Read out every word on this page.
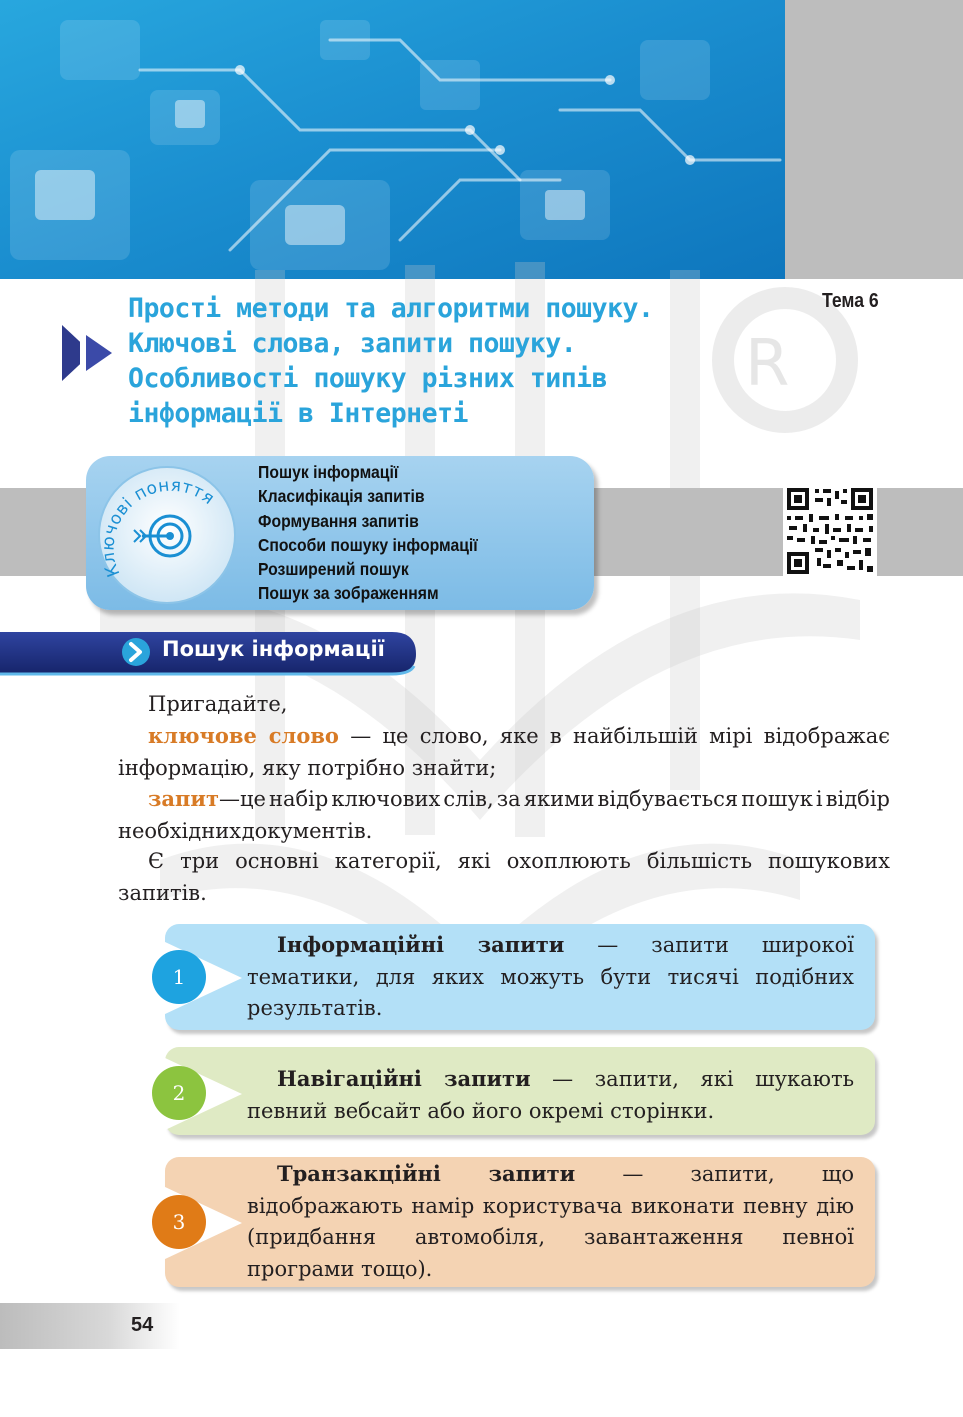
R
Прості методи та алгоритми пошуку.
Ключові слова, запити пошуку.
Особливості пошуку різних типів
інформації в Інтернеті
Тема 6
Ключові поняття
Пошук інформації
Класифікація запитів
Формування запитів
Способи пошуку інформації
Розширений пошук
Пошук за зображенням
Пошук інформації
Пригадайте,
ключове слово — це слово, яке в найбільшій мірі відображає інформацію, яку потрібно знайти;
запит—це набір ключових слів, за якими відбувається пошук і відбір необхідних документів.
Є три основні категорії, які охоплюють більшість пошукових запитів.
1
Інформаційні запити — запити широкої тематики, для яких можуть бути тисячі подібних результатів.
2
Навігаційні запити — запити, які шукають певний вебсайт або його окремі сторінки.
3
Транзакційні запити — запити, що відображають намір користувача виконати певну дію (придбання автомобіля, завантаження певної програми тощо).
54
